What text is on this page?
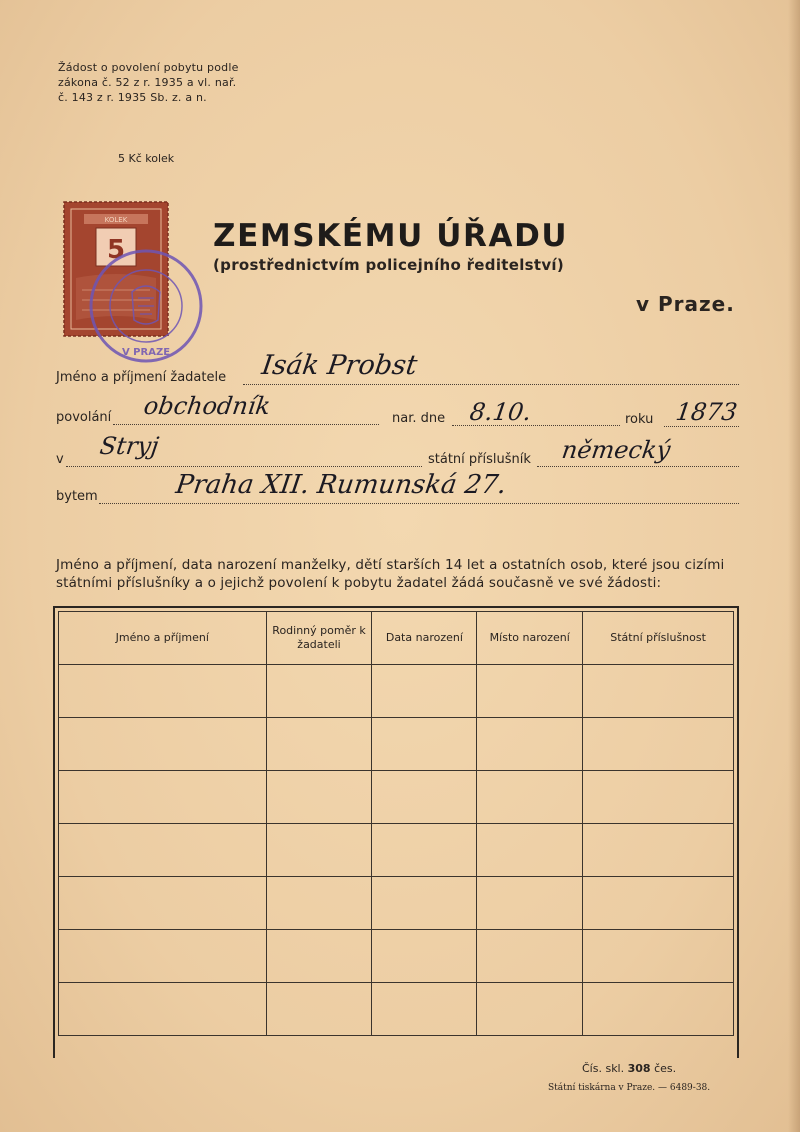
Žádost o povolení pobytu podle
zákona č. 52 z r. 1935 a vl. nař.
č. 143 z r. 1935 Sb. z. a n.
5 Kč kolek
KOLEK
5
V PRAZE
ZEMSKÉMU ÚŘADU
(prostřednictvím policejního ředitelství)
v Praze.
Jméno a příjmení žadatele Isák Probst
povolání obchodník	nar. dne 8.10.	roku 1873
v Stryj	státní příslušník německý
bytem	Praha XII. Rumunská 27.
Jméno a příjmení, data narození manželky, dětí starších 14 let a ostatních osob, které jsou cizími státními příslušníky a o jejichž povolení k pobytu žadatel žádá současně ve své žádosti:
Jméno a příjmení	Rodinný poměr k žadateli	Data narození	Místo narození	Státní příslušnost

Čís. skl. 308 čes.
Státní tiskárna v Praze. — 6489-38.
